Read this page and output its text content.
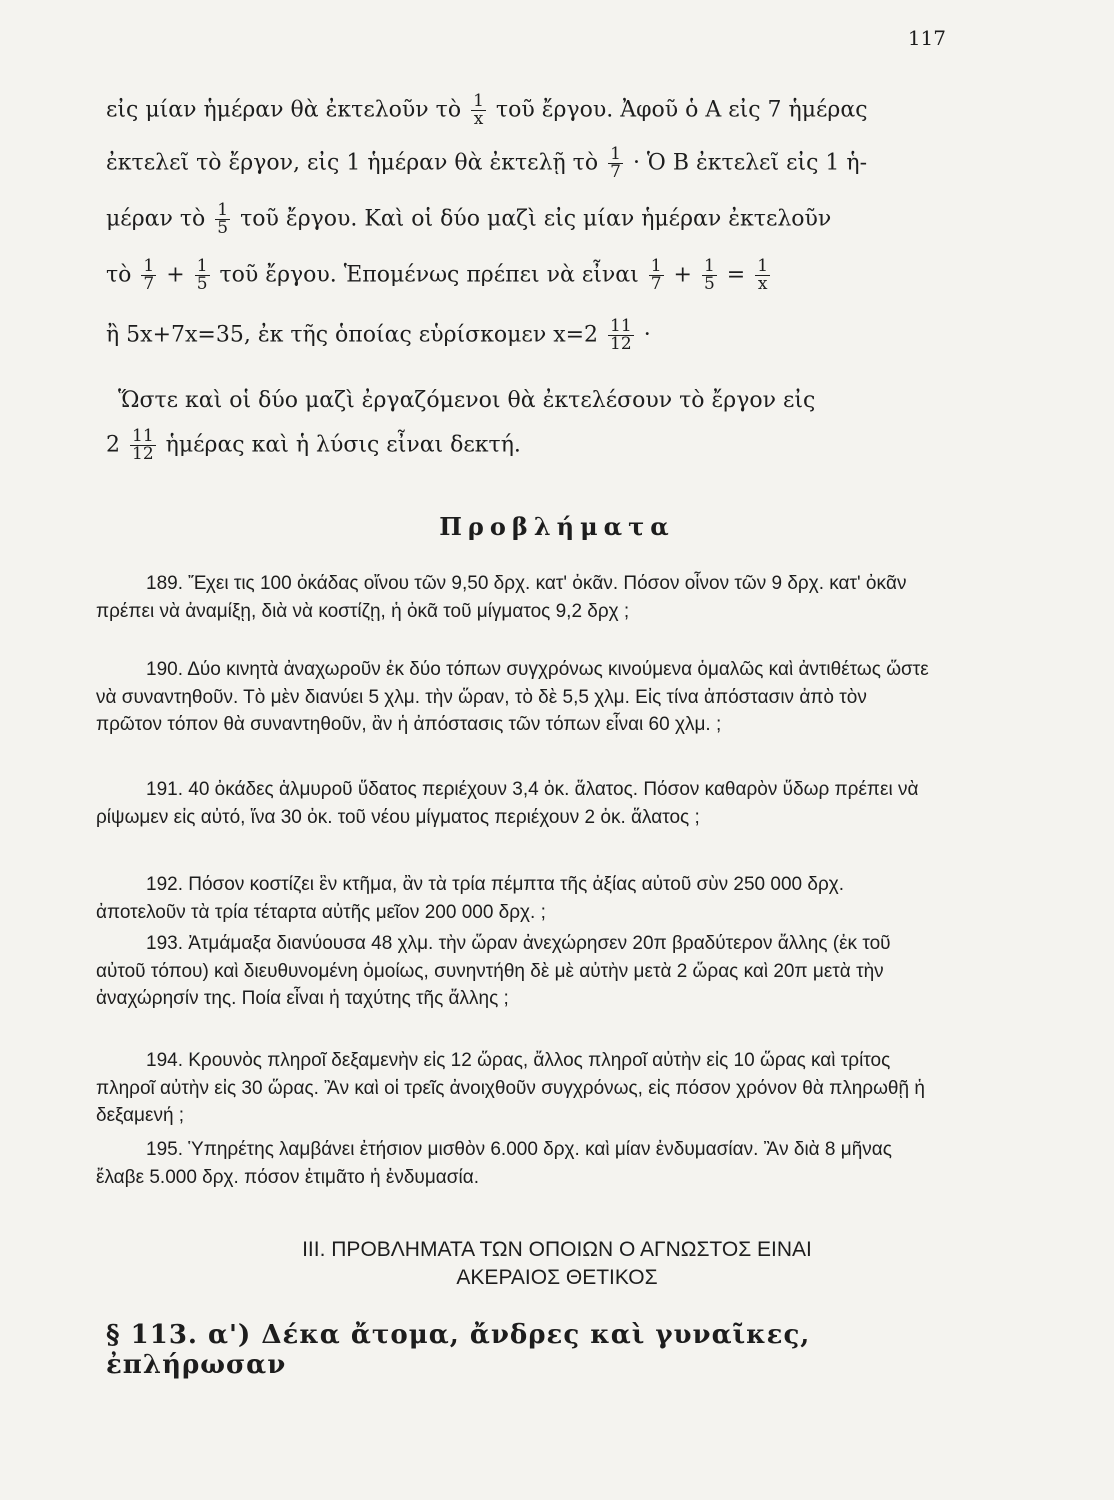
117
εἰς μίαν ἡμέραν θὰ ἐκτελοῦν τὸ $\frac{1}{x}$ τοῦ ἔργου. Ἀφοῦ ὁ Α εἰς 7 ἡμέρας
ἐκτελεῖ τὸ ἔργον, εἰς 1 ἡμέραν θὰ ἐκτελῇ τὸ $\frac{1}{7}$ · Ὁ Β ἐκτελεῖ εἰς 1 ἡ-
μέραν τὸ $\frac{1}{5}$ τοῦ ἔργου. Καὶ οἱ δύο μαζὶ εἰς μίαν ἡμέραν ἐκτελοῦν
τὸ $\frac{1}{7} + \frac{1}{5}$ τοῦ ἔργου. Ἑπομένως πρέπει νὰ εἶναι $\frac{1}{7} + \frac{1}{5} = \frac{1}{x}$
ἢ 5x+7x=35, ἐκ τῆς ὁποίας εὑρίσκομεν $x=2 \frac{11}{12}$ ·
Ὥστε καὶ οἱ δύο μαζὶ ἐργαζόμενοι θὰ ἐκτελέσουν τὸ ἔργον εἰς
$2 \frac{11}{12}$ ἡμέρας καὶ ἡ λύσις εἶναι δεκτή.
Προβλήματα
189. Ἔχει τις 100 ὀκάδας οἴνου τῶν 9,50 δρχ. κατ' ὀκᾶν. Πόσον οἶνον τῶν 9 δρχ. κατ' ὀκᾶν πρέπει νὰ ἀναμίξῃ, διὰ νὰ κοστίζῃ, ἡ ὀκᾶ τοῦ μίγματος 9,2 δρχ ;
190. Δύο κινητὰ ἀναχωροῦν ἐκ δύο τόπων συγχρόνως κινούμενα ὁμαλῶς καὶ ἀντιθέτως ὥστε νὰ συναντηθοῦν. Τὸ μὲν διανύει 5 χλμ. τὴν ὥραν, τὸ δὲ 5,5 χλμ. Εἰς τίνα ἀπόστασιν ἀπὸ τὸν πρῶτον τόπον θὰ συναντηθοῦν, ἂν ἡ ἀπόστασις τῶν τόπων εἶναι 60 χλμ. ;
191. 40 ὀκάδες ἁλμυροῦ ὕδατος περιέχουν 3,4 ὀκ. ἅλατος. Πόσον καθαρὸν ὕδωρ πρέπει νὰ ρίψωμεν εἰς αὐτό, ἵνα 30 ὀκ. τοῦ νέου μίγματος περιέχουν 2 ὀκ. ἅλατος ;
192. Πόσον κοστίζει ἓν κτῆμα, ἂν τὰ τρία πέμπτα τῆς ἀξίας αὐτοῦ σὺν 250 000 δρχ. ἀποτελοῦν τὰ τρία τέταρτα αὐτῆς μεῖον 200 000 δρχ. ;
193. Ἀτμάμαξα διανύουσα 48 χλμ. τὴν ὥραν ἀνεχώρησεν 20π βραδύτερον ἄλλης (ἐκ τοῦ αὐτοῦ τόπου) καὶ διευθυνομένη ὁμοίως, συνηντήθη δὲ μὲ αὐτὴν μετὰ 2 ὥρας καὶ 20π μετὰ τὴν ἀναχώρησίν της. Ποία εἶναι ἡ ταχύτης τῆς ἄλλης ;
194. Κρουνὸς πληροῖ δεξαμενὴν εἰς 12 ὥρας, ἄλλος πληροῖ αὐτὴν εἰς 10 ὥρας καὶ τρίτος πληροῖ αὐτὴν εἰς 30 ὥρας. Ἂν καὶ οἱ τρεῖς ἀνοιχθοῦν συγχρόνως, εἰς πόσον χρόνον θὰ πληρωθῇ ἡ δεξαμενή ;
195. Ὑπηρέτης λαμβάνει ἐτήσιον μισθὸν 6.000 δρχ. καὶ μίαν ἐνδυμασίαν. Ἂν διὰ 8 μῆνας ἔλαβε 5.000 δρχ. πόσον ἐτιμᾶτο ἡ ἐνδυμασία.
ΙΙΙ. ΠΡΟΒΛΗΜΑΤΑ ΤΩΝ ΟΠΟΙΩΝ Ο ΑΓΝΩΣΤΟΣ ΕΙΝΑΙ
ΑΚΕΡΑΙΟΣ ΘΕΤΙΚΟΣ
§ 113. α') Δέκα ἄτομα, ἄνδρες καὶ γυναῖκες, ἐπλήρωσαν
